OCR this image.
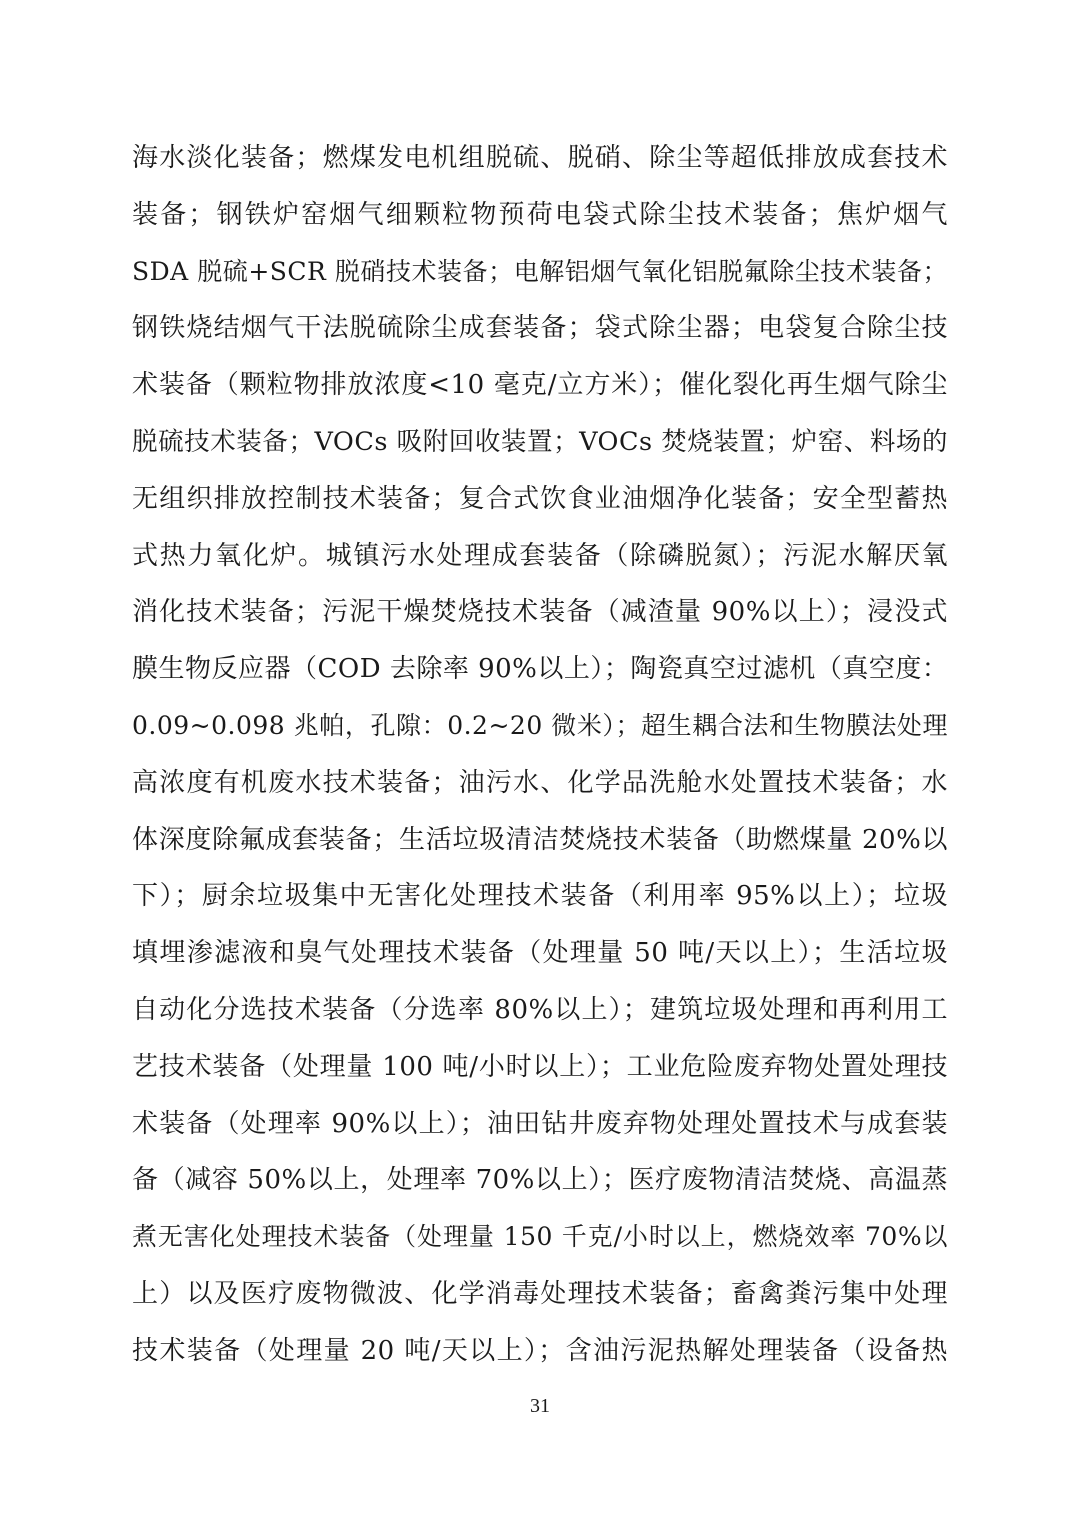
海水淡化装备；燃煤发电机组脱硫、脱硝、除尘等超低排放成套技术
装备；钢铁炉窑烟气细颗粒物预荷电袋式除尘技术装备；焦炉烟气
SDA 脱硫+SCR 脱硝技术装备；电解铝烟气氧化铝脱氟除尘技术装备；
钢铁烧结烟气干法脱硫除尘成套装备；袋式除尘器；电袋复合除尘技
术装备（颗粒物排放浓度<10 毫克/立方米）；催化裂化再生烟气除尘
脱硫技术装备；VOCs 吸附回收装置；VOCs 焚烧装置；炉窑、料场的
无组织排放控制技术装备；复合式饮食业油烟净化装备；安全型蓄热
式热力氧化炉。城镇污水处理成套装备（除磷脱氮）；污泥水解厌氧
消化技术装备；污泥干燥焚烧技术装备（减渣量 90%以上）；浸没式
膜生物反应器（COD 去除率 90%以上）；陶瓷真空过滤机（真空度：
0.09~0.098 兆帕，孔隙：0.2~20 微米）；超生耦合法和生物膜法处理
高浓度有机废水技术装备；油污水、化学品洗舱水处置技术装备；水
体深度除氟成套装备；生活垃圾清洁焚烧技术装备（助燃煤量 20%以
下）；厨余垃圾集中无害化处理技术装备（利用率 95%以上）；垃圾
填埋渗滤液和臭气处理技术装备（处理量 50 吨/天以上）；生活垃圾
自动化分选技术装备（分选率 80%以上）；建筑垃圾处理和再利用工
艺技术装备（处理量 100 吨/小时以上）；工业危险废弃物处置处理技
术装备（处理率 90%以上）；油田钻井废弃物处理处置技术与成套装
备（减容 50%以上，处理率 70%以上）；医疗废物清洁焚烧、高温蒸
煮无害化处理技术装备（处理量 150 千克/小时以上，燃烧效率 70%以
上）以及医疗废物微波、化学消毒处理技术装备；畜禽粪污集中处理
技术装备（处理量 20 吨/天以上）；含油污泥热解处理装备（设备热
31
